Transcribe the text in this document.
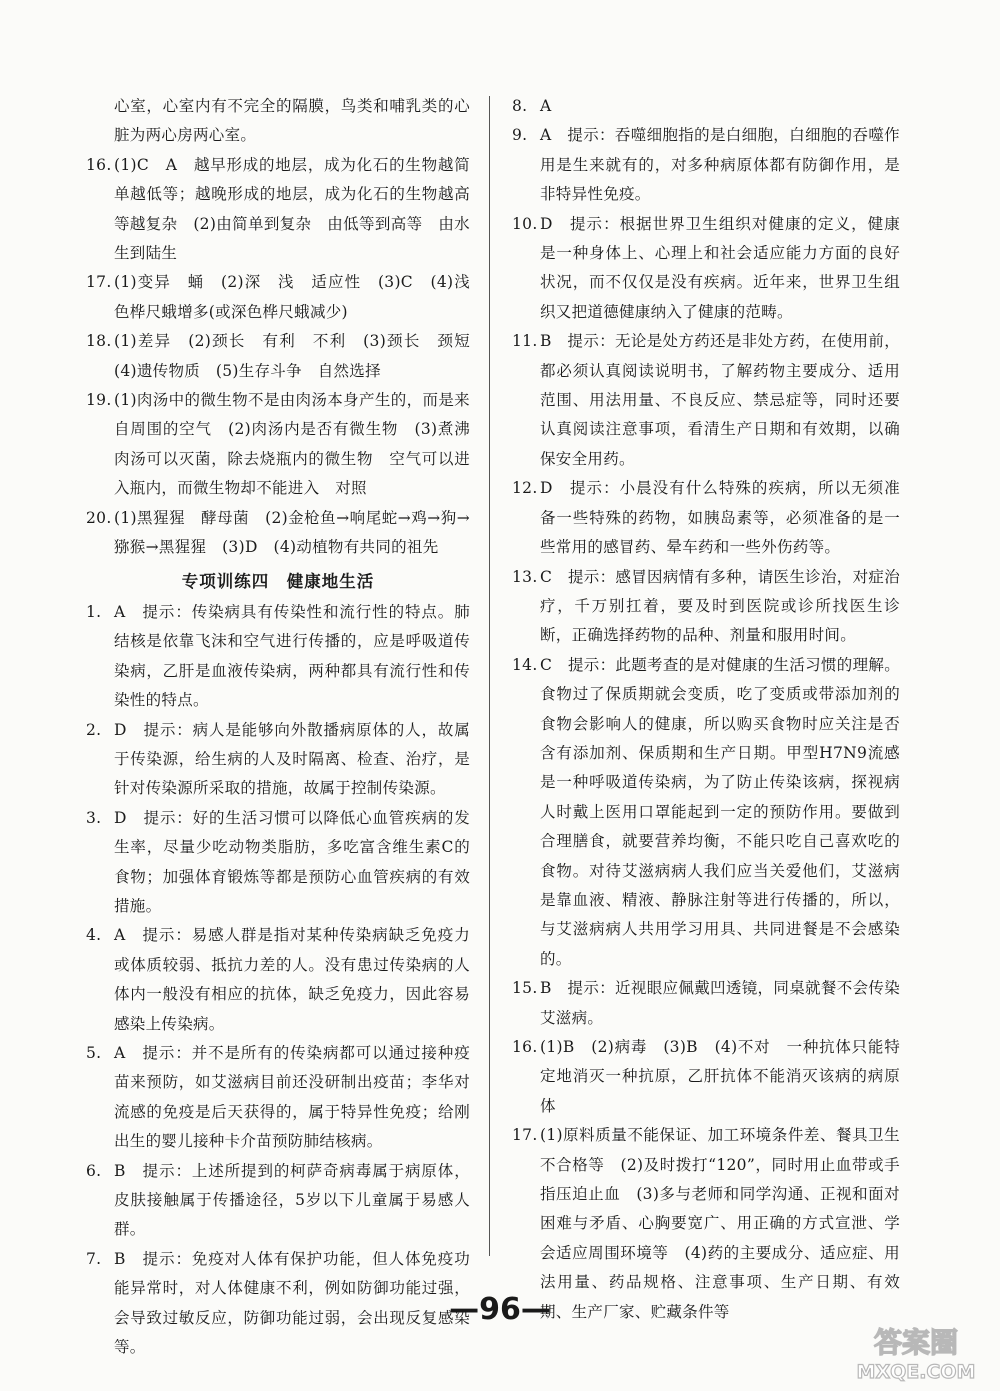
心室，心室内有不完全的隔膜，鸟类和哺乳类的心脏为两心房两心室。
16. (1)C　A　越早形成的地层，成为化石的生物越简单越低等；越晚形成的地层，成为化石的生物越高等越复杂　(2)由简单到复杂　由低等到高等　由水生到陆生
17. (1)变异　蛹　(2)深　浅　适应性　(3)C　(4)浅色桦尺蛾增多(或深色桦尺蛾减少)
18. (1)差异　(2)颈长　有利　不利　(3)颈长　颈短　(4)遗传物质　(5)生存斗争　自然选择
19. (1)肉汤中的微生物不是由肉汤本身产生的，而是来自周围的空气　(2)肉汤内是否有微生物　(3)煮沸肉汤可以灭菌，除去烧瓶内的微生物　空气可以进入瓶内，而微生物却不能进入　对照
20. (1)黑猩猩　酵母菌　(2)金枪鱼→响尾蛇→鸡→狗→猕猴→黑猩猩　(3)D　(4)动植物有共同的祖先
专项训练四　健康地生活
1. A　提示：传染病具有传染性和流行性的特点。肺结核是依靠飞沫和空气进行传播的，应是呼吸道传染病，乙肝是血液传染病，两种都具有流行性和传染性的特点。
2. D　提示：病人是能够向外散播病原体的人，故属于传染源，给生病的人及时隔离、检查、治疗，是针对传染源所采取的措施，故属于控制传染源。
3. D　提示：好的生活习惯可以降低心血管疾病的发生率，尽量少吃动物类脂肪，多吃富含维生素C的食物；加强体育锻炼等都是预防心血管疾病的有效措施。
4. A　提示：易感人群是指对某种传染病缺乏免疫力或体质较弱、抵抗力差的人。没有患过传染病的人体内一般没有相应的抗体，缺乏免疫力，因此容易感染上传染病。
5. A　提示：并不是所有的传染病都可以通过接种疫苗来预防，如艾滋病目前还没研制出疫苗；李华对流感的免疫是后天获得的，属于特异性免疫；给刚出生的婴儿接种卡介苗预防肺结核病。
6. B　提示：上述所提到的柯萨奇病毒属于病原体，皮肤接触属于传播途径，5岁以下儿童属于易感人群。
7. B　提示：免疫对人体有保护功能，但人体免疫功能异常时，对人体健康不利，例如防御功能过强，会导致过敏反应，防御功能过弱，会出现反复感染等。
8. A
9. A　提示：吞噬细胞指的是白细胞，白细胞的吞噬作用是生来就有的，对多种病原体都有防御作用，是非特异性免疫。
10. D　提示：根据世界卫生组织对健康的定义，健康是一种身体上、心理上和社会适应能力方面的良好状况，而不仅仅是没有疾病。近年来，世界卫生组织又把道德健康纳入了健康的范畴。
11. B　提示：无论是处方药还是非处方药，在使用前，都必须认真阅读说明书，了解药物主要成分、适用范围、用法用量、不良反应、禁忌症等，同时还要认真阅读注意事项，看清生产日期和有效期，以确保安全用药。
12. D　提示：小晨没有什么特殊的疾病，所以无须准备一些特殊的药物，如胰岛素等，必须准备的是一些常用的感冒药、晕车药和一些外伤药等。
13. C　提示：感冒因病情有多种，请医生诊治，对症治疗，千万别扛着，要及时到医院或诊所找医生诊断，正确选择药物的品种、剂量和服用时间。
14. C　提示：此题考查的是对健康的生活习惯的理解。食物过了保质期就会变质，吃了变质或带添加剂的食物会影响人的健康，所以购买食物时应关注是否含有添加剂、保质期和生产日期。甲型H7N9流感是一种呼吸道传染病，为了防止传染该病，探视病人时戴上医用口罩能起到一定的预防作用。要做到合理膳食，就要营养均衡，不能只吃自己喜欢吃的食物。对待艾滋病病人我们应当关爱他们，艾滋病是靠血液、精液、静脉注射等进行传播的，所以，与艾滋病病人共用学习用具、共同进餐是不会感染的。
15. B　提示：近视眼应佩戴凹透镜，同桌就餐不会传染艾滋病。
16. (1)B　(2)病毒　(3)B　(4)不对　一种抗体只能特定地消灭一种抗原，乙肝抗体不能消灭该病的病原体
17. (1)原料质量不能保证、加工环境条件差、餐具卫生不合格等　(2)及时拨打“120”，同时用止血带或手指压迫止血　(3)多与老师和同学沟通、正视和面对困难与矛盾、心胸要宽广、用正确的方式宣泄、学会适应周围环境等　(4)药的主要成分、适应症、用法用量、药品规格、注意事项、生产日期、有效期、生产厂家、贮藏条件等
—96—
答案圈
MXQE.COM
